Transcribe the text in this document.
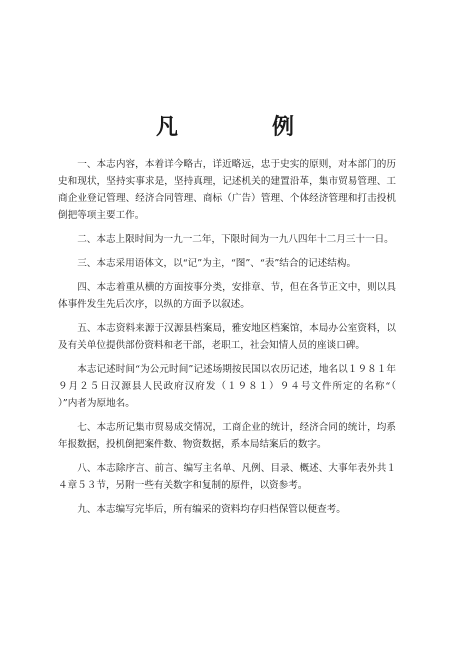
凡　例

一、本志内容，本着详今略古，详近略远，忠于史实的原则，对本部门的历史和现状，坚持实事求是，坚持真理，记述机关的建置沿革，集市贸易管理、工商企业登记管理、经济合同管理、商标（广告）管理、个体经济管理和打击投机倒把等项主要工作。

二、本志上限时间为一九一二年，下限时间为一九八四年十二月三十一日。

三、本志采用语体文，以“记”为主，“图”、“表”结合的记述结构。

四、本志着重从横的方面按事分类，安排章、节，但在各节正文中，则以具体事件发生先后次序，以纵的方面予以叙述。

五、本志资料来源于汉源县档案局，雅安地区档案馆，本局办公室资料，以及有关单位提供部份资料和老干部，老职工，社会知情人员的座谈口碑。

本志记述时间“为公元时间”记述场期按民国以农历记述，地名以１９８１年９月２５日汉源县人民政府汉府发（１９８１）９４号文件所定的名称“（　　）”内者为原地名。

七、本志所记集市贸易成交情况，工商企业的统计，经济合同的统计，均系年报数据，投机倒把案件数、物资数据，系本局结案后的数字。

八、本志除序言、前言、编写主名单、凡例、目录、概述、大事年表外共１４章５３节，另附一些有关数字和复制的原件，以资参考。

九、本志编写完毕后，所有编采的资料均存归档保管以便查考。
